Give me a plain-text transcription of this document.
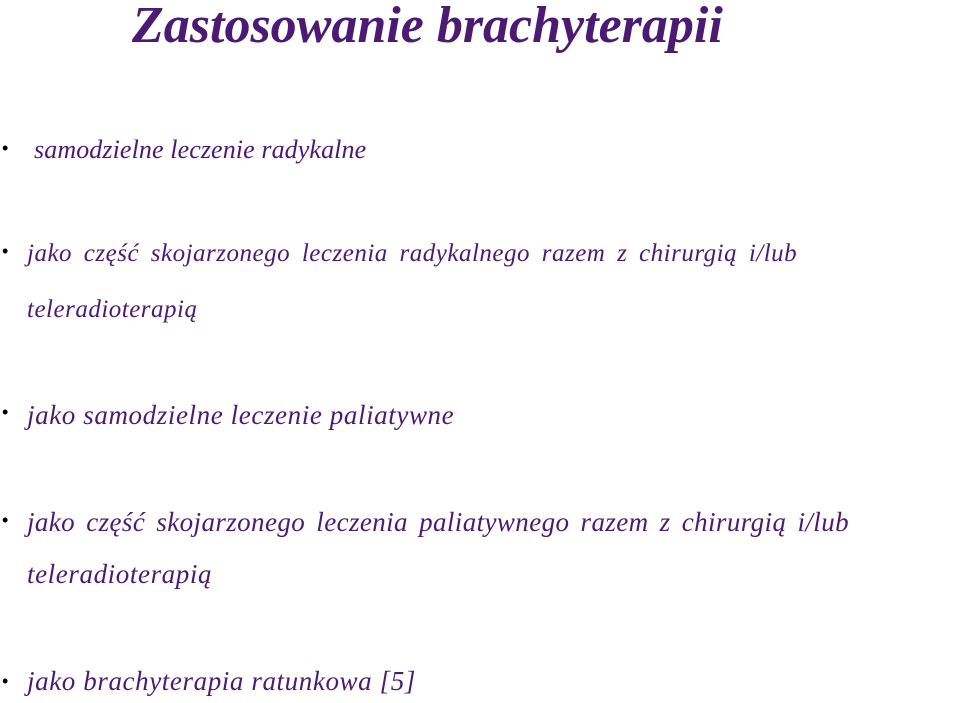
Zastosowanie brachyterapii
• samodzielne leczenie radykalne
• jako część skojarzonego leczenia radykalnego razem z chirurgią i/lub
teleradioterapią
• jako samodzielne leczenie paliatywne
• jako część skojarzonego leczenia paliatywnego razem z chirurgią i/lub
teleradioterapią
• jako brachyterapia ratunkowa [5]
